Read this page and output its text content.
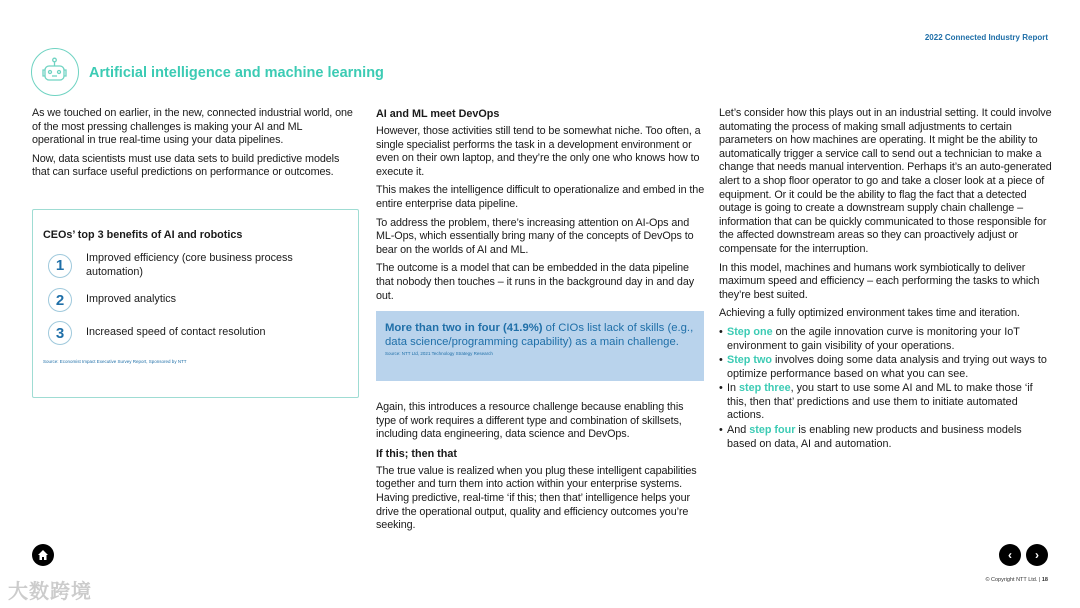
2022 Connected Industry Report
Artificial intelligence and machine learning

As we touched on earlier, in the new, connected industrial world, one of the most pressing challenges is making your AI and ML operational in true real-time using your data pipelines.

Now, data scientists must use data sets to build predictive models that can surface useful predictions on performance or outcomes.

CEOs’ top 3 benefits of AI and robotics
1	Improved efficiency (core business process automation)
2	Improved analytics
3	Increased speed of contact resolution
Source: Economist Impact Executive Survey Report, Sponsored by NTT
AI and ML meet DevOps

However, those activities still tend to be somewhat niche. Too often, a single specialist performs the task in a development environment or even on their own laptop, and they’re the only one who knows how to execute it.

This makes the intelligence difficult to operationalize and embed in the entire enterprise data pipeline.

To address the problem, there’s increasing attention on AI-Ops and ML-Ops, which essentially bring many of the concepts of DevOps to bear on the worlds of AI and ML.

The outcome is a model that can be embedded in the data pipeline that nobody then touches – it runs in the background day in and day out.

More than two in four (41.9%) of CIOs list lack of skills (e.g., data science/programming capability) as a main challenge.
Source: NTT Ltd, 2021 Technology Strategy Research

Again, this introduces a resource challenge because enabling this type of work requires a different type and combination of skillsets, including data engineering, data science and DevOps.

If this; then that

The true value is realized when you plug these intelligent capabilities together and turn them into action within your enterprise systems. Having predictive, real-time ‘if this; then that’ intelligence helps your drive the operational output, quality and efficiency outcomes you’re seeking.

Let’s consider how this plays out in an industrial setting. It could involve automating the process of making small adjustments to certain parameters on how machines are operating. It might be the ability to automatically trigger a service call to send out a technician to make a change that needs manual intervention. Perhaps it’s an auto-generated alert to a shop floor operator to go and take a closer look at a piece of equipment. Or it could be the ability to flag the fact that a detected outage is going to create a downstream supply chain challenge – information that can be quickly communicated to those responsible for the affected downstream areas so they can proactively adjust or compensate for the interruption.

In this model, machines and humans work symbiotically to deliver maximum speed and efficiency – each performing the tasks to which they’re best suited.

Achieving a fully optimized environment takes time and iteration.

• Step one on the agile innovation curve is monitoring your IoT environment to gain visibility of your operations.
• Step two involves doing some data analysis and trying out ways to optimize performance based on what you can see.
• In step three, you start to use some AI and ML to make those ‘if this, then that’ predictions and use them to initiate automated actions.
• And step four is enabling new products and business models based on data, AI and automation.
‹ ›
© Copyright NTT Ltd. | 18
大数跨境
